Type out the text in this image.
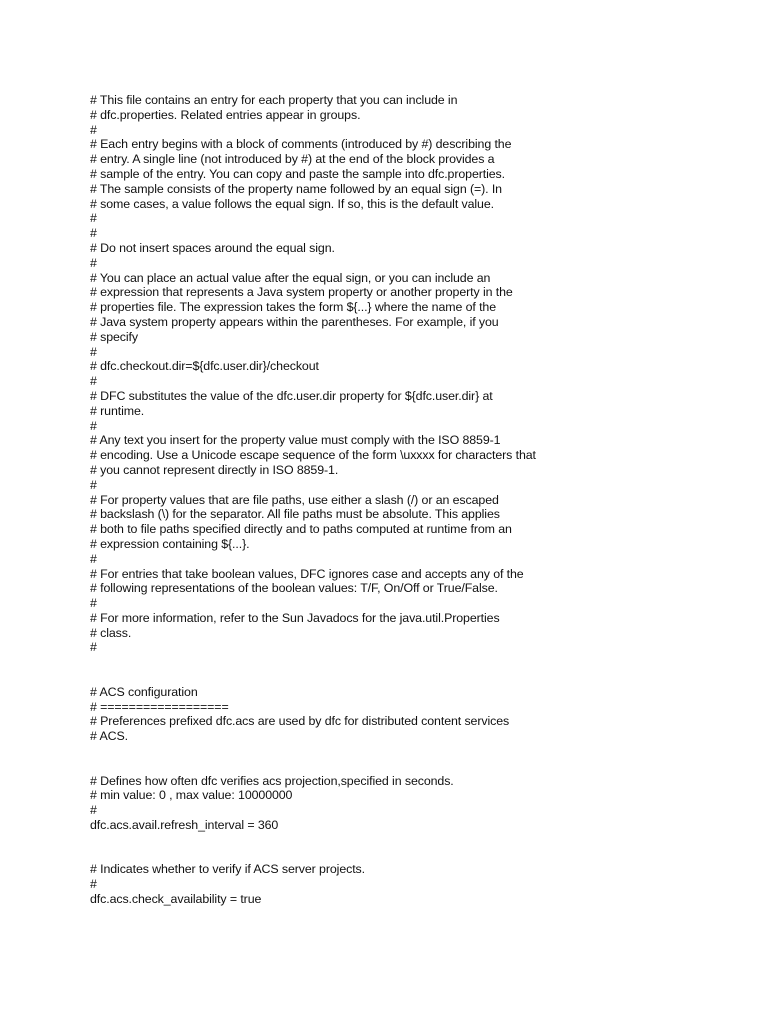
# This file contains an entry for each property that you can include in
# dfc.properties. Related entries appear in groups.
#
# Each entry begins with a block of comments (introduced by #) describing the
# entry. A single line (not introduced by #) at the end of the block provides a
# sample of the entry. You can copy and paste the sample into dfc.properties.
# The sample consists of the property name followed by an equal sign (=). In
# some cases, a value follows the equal sign. If so, this is the default value.
#
#
# Do not insert spaces around the equal sign.
#
# You can place an actual value after the equal sign, or you can include an
# expression that represents a Java system property or another property in the
# properties file. The expression takes the form ${...} where the name of the
# Java system property appears within the parentheses. For example, if you
# specify
#
# dfc.checkout.dir=${dfc.user.dir}/checkout
#
# DFC substitutes the value of the dfc.user.dir property for ${dfc.user.dir} at
# runtime.
#
# Any text you insert for the property value must comply with the ISO 8859-1
# encoding. Use a Unicode escape sequence of the form \uxxxx for characters that
# you cannot represent directly in ISO 8859-1.
#
# For property values that are file paths, use either a slash (/) or an escaped
# backslash (\) for the separator. All file paths must be absolute. This applies
# both to file paths specified directly and to paths computed at runtime from an
# expression containing ${...}.
#
# For entries that take boolean values, DFC ignores case and accepts any of the
# following representations of the boolean values: T/F, On/Off or True/False.
#
# For more information, refer to the Sun Javadocs for the java.util.Properties
# class.
#
# ACS configuration
# ==================
# Preferences prefixed dfc.acs are used by dfc for distributed content services
# ACS.
# Defines how often dfc verifies acs projection,specified in seconds.
# min value: 0 , max value: 10000000
#
dfc.acs.avail.refresh_interval = 360
# Indicates whether to verify if ACS server projects.
#
dfc.acs.check_availability = true
